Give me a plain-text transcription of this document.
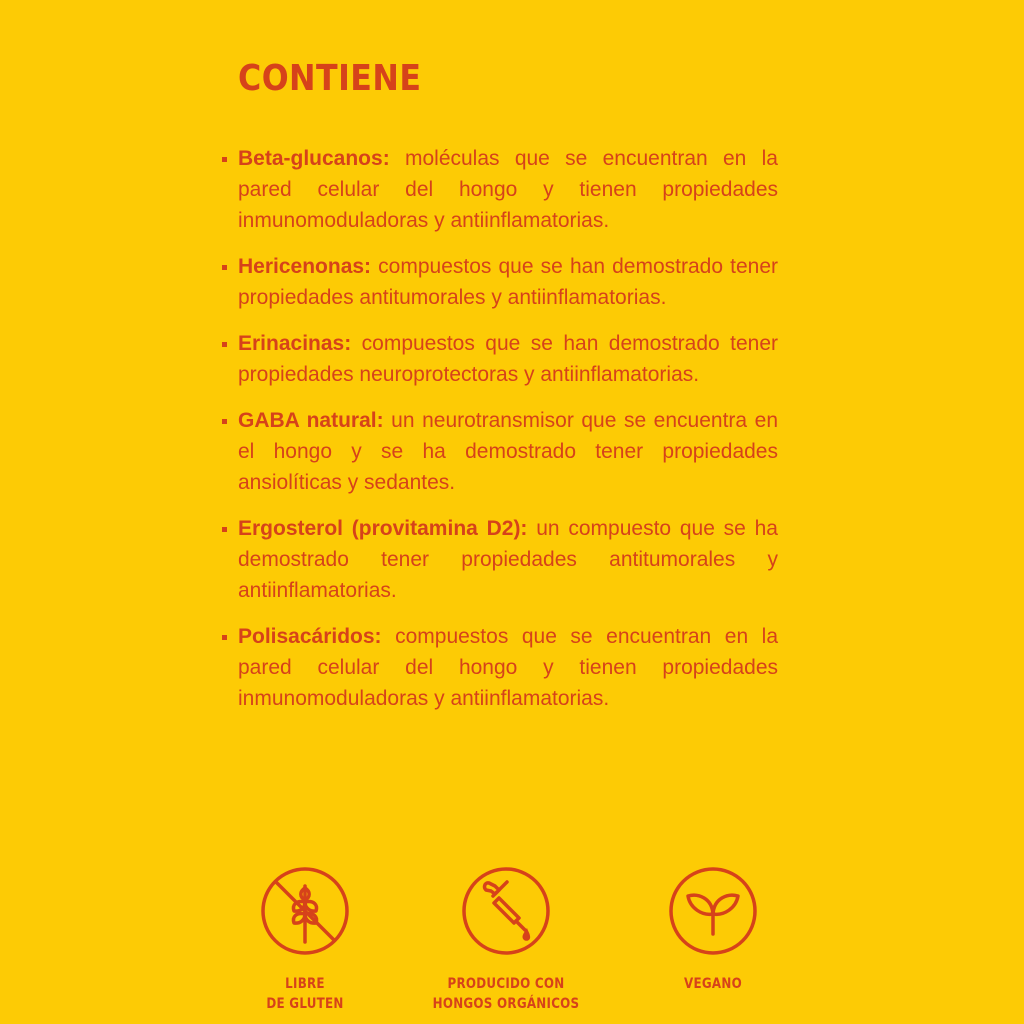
CONTIENE
Beta-glucanos: moléculas que se encuentran en la pared celular del hongo y tienen propiedades inmunomoduladoras y antiinflamatorias.
Hericenonas: compuestos que se han demostrado tener propiedades antitumorales y antiinflamatorias.
Erinacinas: compuestos que se han demostrado tener propiedades neuroprotectoras y antiinflamatorias.
GABA natural: un neurotransmisor que se encuentra en el hongo y se ha demostrado tener propiedades ansiolíticas y sedantes.
Ergosterol (provitamina D2): un compuesto que se ha demostrado tener propiedades antitumorales y antiinflamatorias.
Polisacáridos: compuestos que se encuentran en la pared celular del hongo y tienen propiedades inmunomoduladoras y antiinflamatorias.
LIBRE
DE GLUTEN
PRODUCIDO CON
HONGOS ORGÁNICOS
VEGANO
